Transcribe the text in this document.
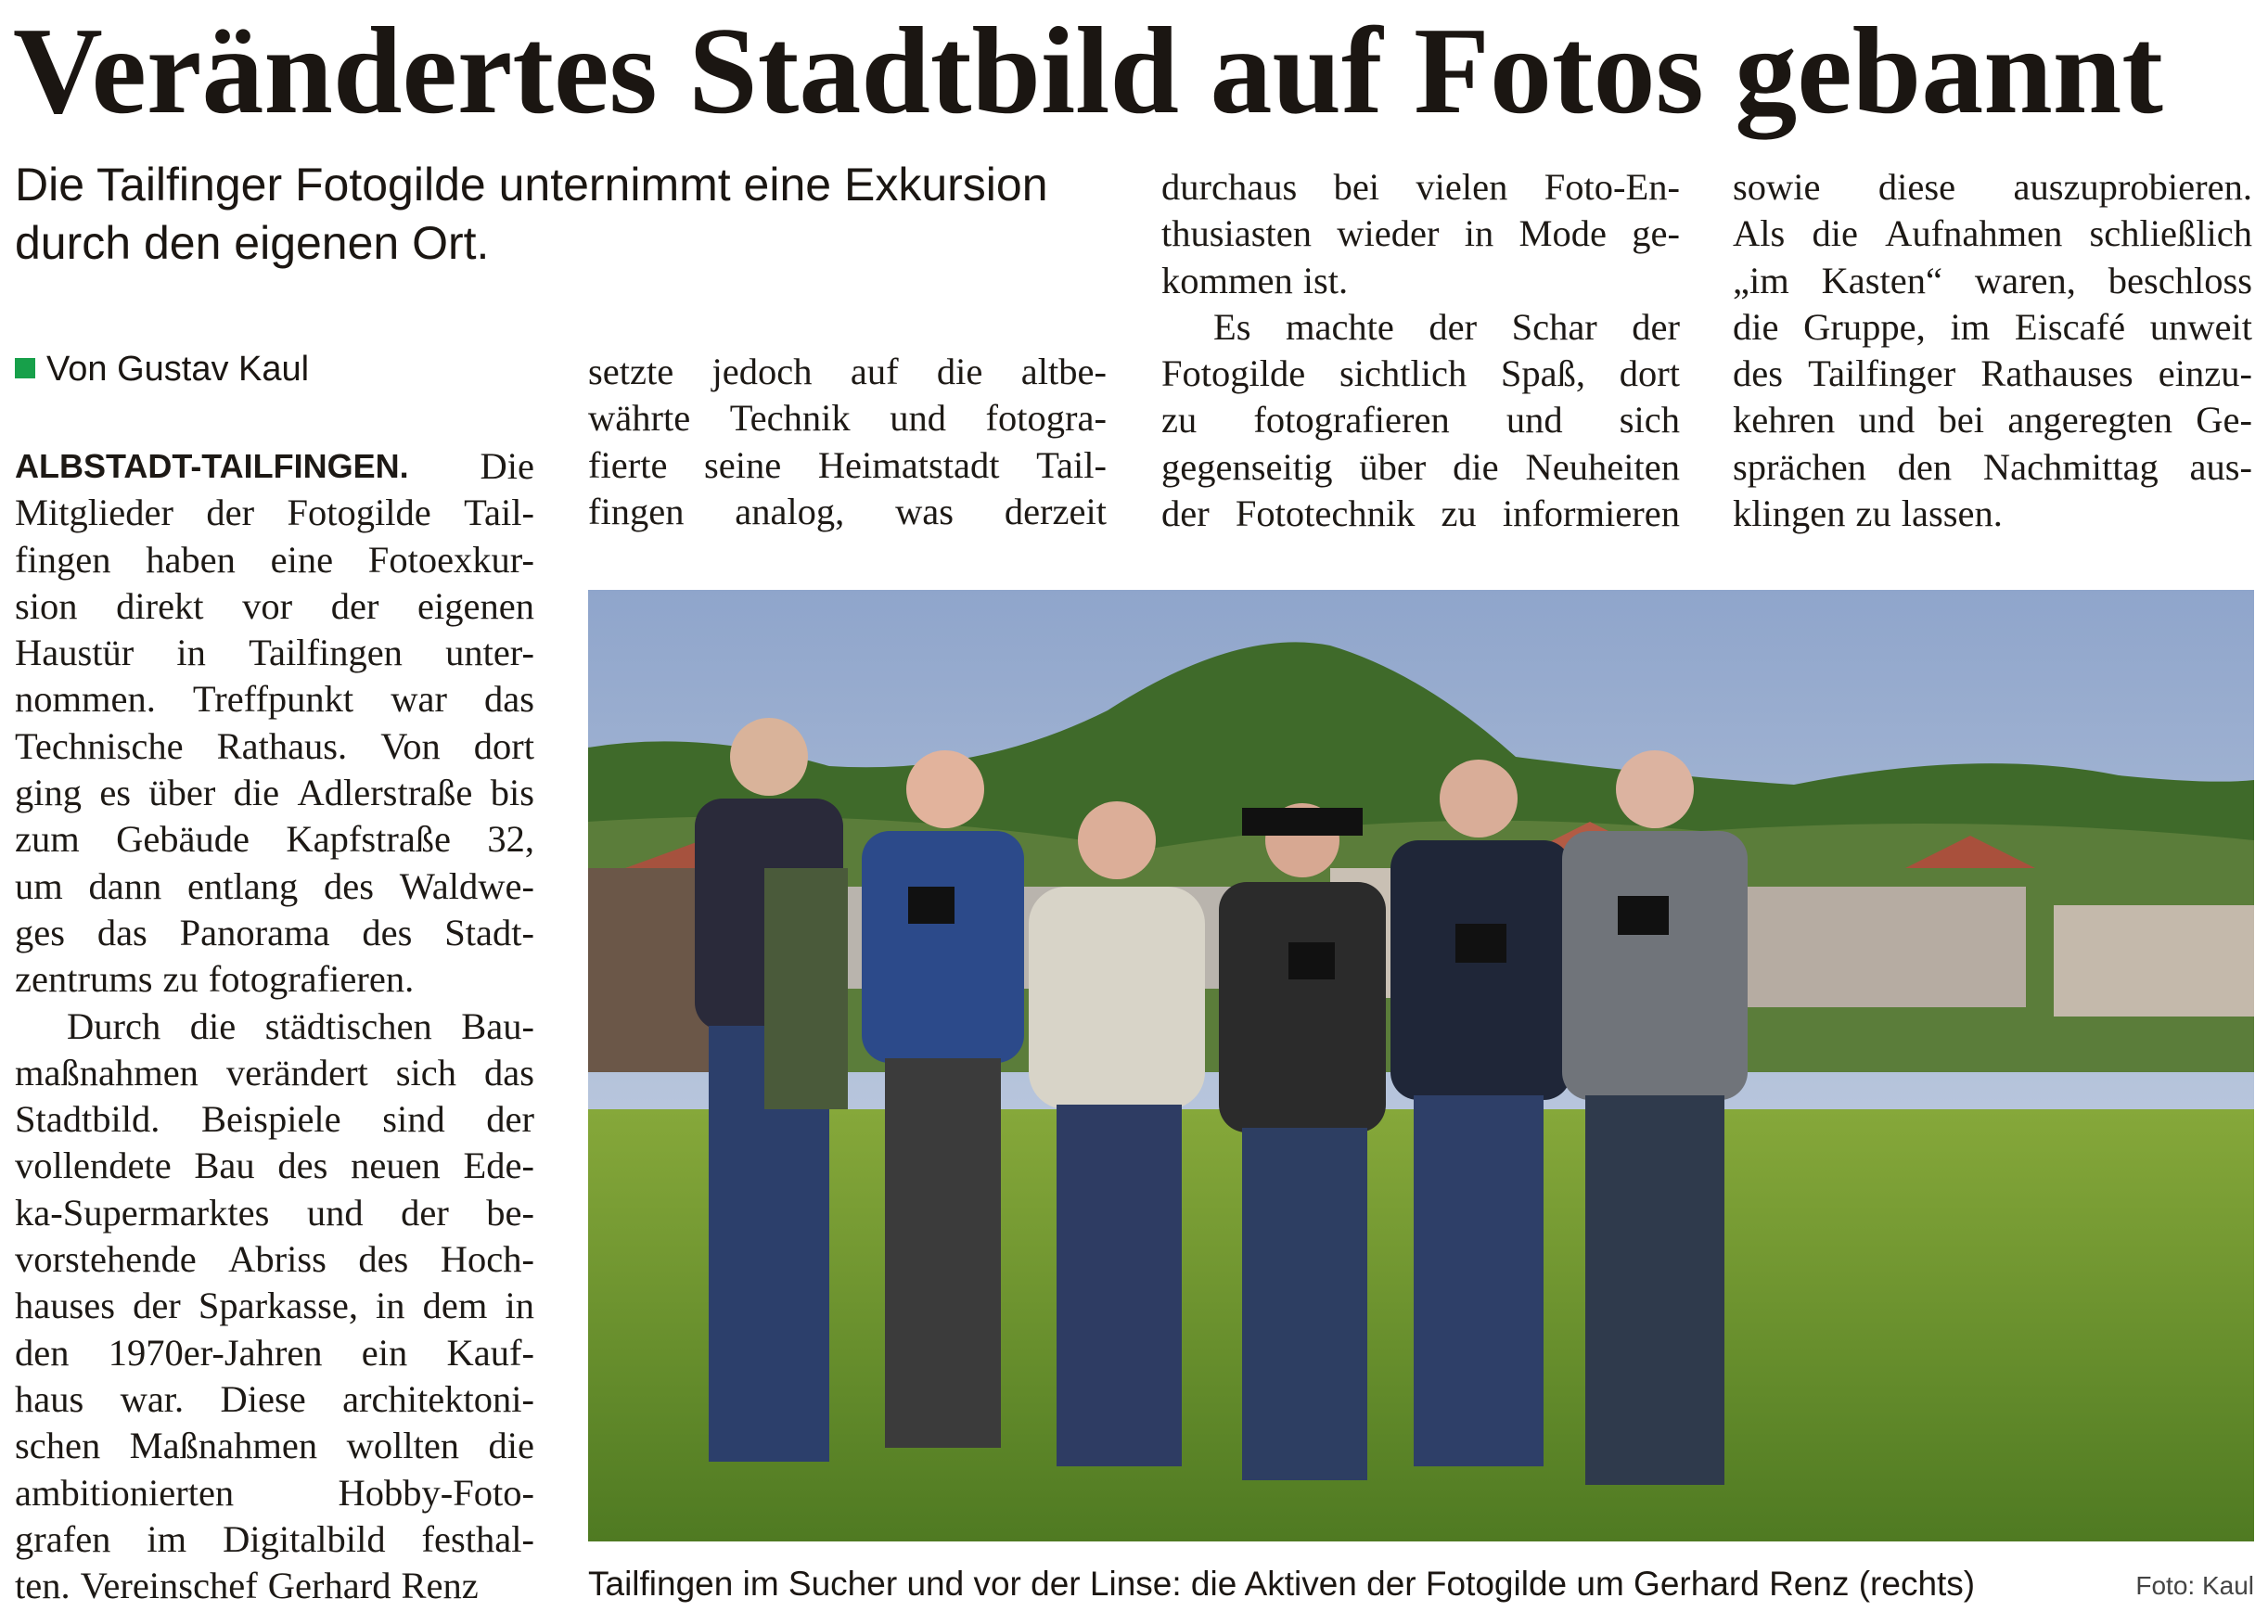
Verändertes Stadtbild auf Fotos gebannt
Die Tailfinger Fotogilde unternimmt eine Exkursion durch den eigenen Ort.
Von Gustav Kaul
ALBSTADT-TAILFINGEN. Die
Mitglieder der Fotogilde Tail-
fingen haben eine Fotoexkur-
sion direkt vor der eigenen
Haustür in Tailfingen unter-
nommen. Treffpunkt war das
Technische Rathaus. Von dort
ging es über die Adlerstraße bis
zum Gebäude Kapfstraße 32,
um dann entlang des Waldwe-
ges das Panorama des Stadt-
zentrums zu fotografieren.
Durch die städtischen Bau-
maßnahmen verändert sich das
Stadtbild. Beispiele sind der
vollendete Bau des neuen Ede-
ka-Supermarktes und der be-
vorstehende Abriss des Hoch-
hauses der Sparkasse, in dem in
den 1970er-Jahren ein Kauf-
haus war. Diese architektoni-
schen Maßnahmen wollten die
ambitionierten	Hobby-Foto-
grafen im Digitalbild festhal-
ten. Vereinschef Gerhard Renz
setzte jedoch auf die altbe-
währte Technik und fotogra-
fierte seine Heimatstadt Tail-
fingen analog, was derzeit
durchaus bei vielen Foto-En-
thusiasten wieder in Mode ge-
kommen ist.
Es machte der Schar der
Fotogilde sichtlich Spaß, dort
zu fotografieren und sich
gegenseitig über die Neuheiten
der Fototechnik zu informieren
sowie diese auszuprobieren.
Als die Aufnahmen schließlich
„im Kasten“ waren, beschloss
die Gruppe, im Eiscafé unweit
des Tailfinger Rathauses einzu-
kehren und bei angeregten Ge-
sprächen den Nachmittag aus-
klingen zu lassen.
Tailfingen im Sucher und vor der Linse: die Aktiven der Fotogilde um Gerhard Renz (rechts)	Foto: Kaul
